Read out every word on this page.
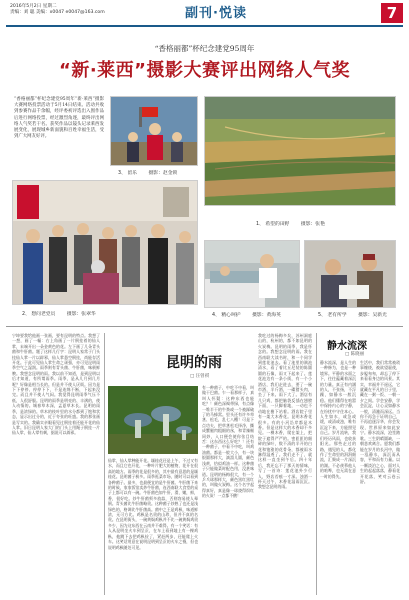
2016年5月2日 星期二
责编：刘 聪 美编：x0047 e0047@163.com	副刊·悦读	7
“香格丽都”杯纪念建党95周年
“新·莱西”摄影大赛评出网络人气奖
“香格丽都”杯纪念建党95周年“新·莱西”摄影大赛网络投票活动于5月14日结束。活动共收到参赛作品千余幅，经评委初评选出入围作品后进行网络投票，经过激烈角逐，最终评出网络人气奖若干名。获奖作品以镜头记录莱西发展变化，展现城乡新面貌和百姓幸福生活，受到广大网友好评。
3、 留乐 摄影：赵金锁
1、 希望的田野 摄影：张艳
2、 想问老党员 摄影：张翠华	4、 精心呵护 摄影：黄海英	5、 老有所学 摄影：吴新光
宁坤要我给他画一张画，要有昆明的特点。我想了一想，画了一幅：右上角画了一片倒挂着的仙人掌，末端开出一朵金黄色的花。左下画了几朵青头菌和牛肝菌。题了这样几行字：昆明人家常于门头挂仙人掌一片以辟邪，仙人掌悬空倒挂，尚能存活开花。于此可见仙人掌生命之顽强，亦可见昆明雨季空气之湿润。雨季则有青头菌、牛肝菌，味极鲜腴。我想念昆明的雨。我以前不知道，是到昆明以后才知道，有所谓雨季。雨季，是从几月到几月呢？好像是相当长的。但是并不使人厌烦。因为是下下停停、停停下下，不是连绵不断，下起来没完。而且并不使人气闷。我觉得昆明雨季气压不低，人很舒服。昆明的雨季是明亮的、丰满的，使人动情的。城春草木深，孟夏草木长。昆明的雨季，是浓绿的。草木的枝叶里的水分都到了饱和状态，显示出过分的，近于夸张的旺盛。我的那张画是写实的。我确实亲眼看见过倒挂着还能开花的仙人掌。旧日昆明人家大门的门头上用绳子倒挂一片仙人掌，仙人掌有刺，据说可以辟邪。
昆明的雨
□ 汪曾祺
仙掌，仙人掌种能开花。缅桂花还是上午，不过又有水，而且它也开花，一种叶片肥大的植物，花开在很高的地方。雨季的花是很多的，其中最有意思的是缅桂花。昆明菌子极多。雨季逛菜市场，随时可以看到各种菌子。最多，也最便宜的是牛肝菌。牛肝菌下来的时候，家家饭馆卖炒牛肝菌，连西南联大食堂的桌子上都可以有一碗。牛肝菌色如牛肝，滑，嫩，鲜，香，很好吃。炒牛肝菌须多放蒜，否则容易使人晕倒。青头菌比牛肝菌略贵。这种菌子炒熟了也还是浅绿色的，格调比牛肝菌高。菌中之王是鸡枞，味道鲜浓，无可方比。鸡枞是名贵的山珍，但并不真的名贵。在昆明街头，一碗黄焖鸡枞并不比一碗黄焖鸡贵多少，因为这东西在云南并不难得。有一个笑话：有人从昆明坐火车到呈贡，在车上看到地上有一棵鸡枞，他跳下去把鸡枞捡了，紧赶两步，还能爬上火车。这笑话用意在说明昆明到呈贡的火车之慢，但也说明鸡枞随处可见。
有一种菌子，中吃不中看，叫做干巴菌。乍一看那样子，真叫人怀疑：这种东西也能吃？！颜色深褐带绿，有点像一堆半干的牛粪或一个被踩破了的马蜂窝。里头还有许多草茎、松毛，乱七八糟！可是下点功夫，把草茎松毛择净，撕成蟹腿肉粗细的丝，和青辣椒同炒，入口便会使你张目结舌：这东西这么好吃？！还有一种菌子，中看不中吃，叫鸡油菌。都是一般大小，有一块银圆那样大，滴溜儿圆，颜色浅黄，恰似鸡油一样。这种菌子只能做菜时配色用，没甚味道。昆明的杨梅很大，有一个乒乓球那样大，颜色黑红黑红的，叫做火炭梅。这个名字起得真好，真是像一球烧得炽红的火炭！一点都不酸！
我吃过的杨梅多矣，苏州洞庭山的，杭州的，都不如昆明的火炭梅。昆明的雨季，我是怀念的。我想念昆明的雨。我在西南联大读书时，和一个同学到莲花池去。看了池里的满池清水，看了着比丘尼装的陈圆圆的石像，雨又下起来了。莲花池边有一条小街，有一个小酒店，我们走进去，要了一碗市酒，半斤酒，一碟猪头肉，坐了下来。雨下大了。酒店有几只鸡，都把脑袋反插在翅膀下面，一只脚着地，一动也不动地在檐下站着。酒店院子里有一架大木香花。昆明木香花很多。有的小河沿岸都是木香。但是这样大的木香却不多见。一棵木香，爬在架上，把院子遮得严严的。密匝匝的细碎的绿叶，数不清的半开的白花和饱涨的花骨朵，都被雨水淋得湿透了。我们走不了，就这样一直坐到午后。四十年后，我还忘不了那天的情味，写了一首诗：莲花池外少行人，野店苔痕一寸深。浊酒一杯天过午，木香花湿雨沉沉。我想念昆明的雨。
静水流深
□ 陈晓丽
静水流深，是人生的一种修为，也是一种境界。平静的水面之下，往往蕴藏着深沉的力量。真正有内涵的人，不张扬，不浮躁，如静水一般沉稳。他们懂得在喧嚣中保持内心的宁静，在纷扰中守住本心。人生如水，或急或缓，或清或浊，唯有沉淀下来，方能照见自己。岁月流转，我们经历风雨，也收获阳光。那些走过的路，遇见的人，都化作了生命里的涓涓细流，汇聚成一片深沉的湖。不必羡慕他人的喧哗，也无需在意一时的得失。
生活中，我们常常被琐事缠绕，被欲望驱使，步履匆匆，却忘了停下来看看身边的风景。其实，幸福并不遥远，它就藏在平凡的日子里，藏在一粥一饭、一朝一夕之间。学会安静，学会沉淀，让心灵如静水一般，清澈而深远。当你不再急于证明自己，不再追逐浮华，你会发现，世界原来如此安宁。静水流深，沧笙踏歌。三生阴晴圆缺，一朝悲欢离合。愿我们都能在岁月的长河中，做一泓静水，深沉而从容，平和而有力量。以一颗淡泊之心，面对人生的起起落落，静看花开花落，笑对云卷云舒。
